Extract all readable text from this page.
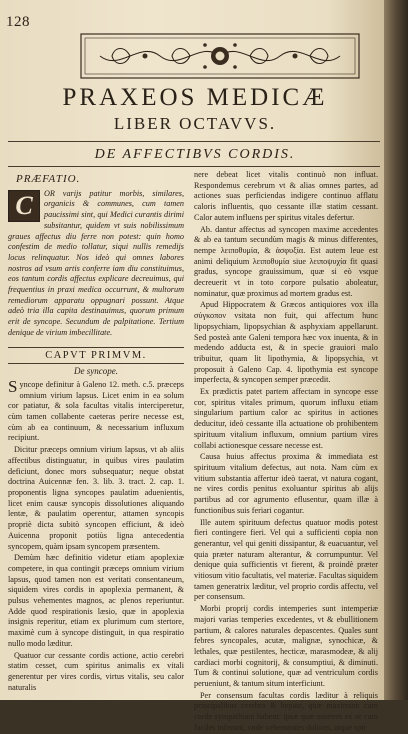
128
PRAXEOS MEDICÆ
LIBER OCTAVVS.
DE AFFECTIBVS CORDIS.
PRÆFATIO.

C	OR varijs patitur morbis, similares, organicis & communes, cum tamen paucissimi sint, qui Medici curantis dirimi subsitantur, quidem vt suis nobilissimum graues affectus diu ferre non potest: quin homo confestim de medio tollatur, siqui nullis remedijs locus relinquatur. Nos ideò qui omnes labores nostros ad vsum artis conferre iam diu constituimus, eos tantum cordis affectus explicare decreuimus, qui frequentius in praxi medica occurrunt, & multorum remediorum apparatu oppugnari possunt. Atque adeò tria illa capita destinauimus, quorum primum erit de syncope. Secundum de palpitatione. Tertium denique de virium imbecillitate.

CAPVT PRIMVM.
De syncope.

Syncope definitur à Galeno 12. meth. c.5. præceps omnium virium lapsus. Licet enim in ea solum cor patiatur, & sola facultas vitalis interciperetur, cùm tamen collabente caeteras perire necesse est, cùm ab ea continuum, & necessarium influxum recipiunt.

Dicitur præceps omnium virium lapsus, vt ab aliis affectibus distinguatur, in quibus vires paulatim deficiunt, donec mors subsequatur; neque obstat doctrina Auicennæ fen. 3. lib. 3. tract. 2. cap. 1. proponentis ligna syncopes paulatim aduenientis, licet enim causæ syncopis dissolutiones aliquando lentæ, & paulatim operentur, attamen syncopis propriè dicta subitò syncopen efficiunt, & ideò Auicenna proponit potiùs ligna antecedentia syncopem, quàm ipsam syncopem præsentem.

Demùm hæc definitio videtur etiam apoplexiæ competere, in qua contingit præceps omnium virium lapsus, quod tamen non est veritati consentaneum, siquidem vires cordis in apoplexia permanent, & pulsus vehementes magnos, ac plenos reperiuntur. Adde quod respirationis læsio, quæ in apoplexia insignis reperitur, etiam ex plurimum cum stertore, maximè cum à syncope distinguit, in qua respiratio nullo modo læditur.

Quatuor cur cessante cordis actione, actio cerebri statim cesset, cum spiritus animalis ex vitali generentur per vires cordis, virtus vitalis, seu calor naturalis

nere debeat licet vitalis continuò non influat. Respondemus cerebrum vt & alias omnes partes, ad actiones suas perficiendas indigere continuo afflatu caloris influentis, quo cessante illæ statim cessant. Calor autem influens per spiritus vitales defertur.

Ab. dantur affectus ad syncopen maxime accedentes & ab ea tantum secundùm magis & minus differentes, nempe λειποθυμία, & ἀσφυξία. Est autem leue est animi deliquium λειποθυμία siue λειποψυχία fit quasi gradus, syncope grauissimum, quæ si eò vsque decreuerit vt in toto corpore pulsatio aboleatur, nominatur, quæ proximus ad mortem gradus est.

Apud Hippocratem & Græcos antiquiores vox illa σύγκοπον vsitata non fuit, qui affectum hunc lipopsychiam, lipopsychian & asphyxiam appellarunt. Sed posteà ante Galeni tempora hæc vox inuenta, & in medendo adducta est, & in specie grauiori malo tribuitur, quam lit lipothymia, & lipopsychia, vt proposuit à Galeno Cap. 4. lipothymia est syncope imperfecta, & syncopen semper præcedit.

Ex prædictis patet partem affectam in syncope esse cor, spiritus vitales primum, quorum influxu etiam singularium partium calor ac spiritus in actiones deducitur, ideò cessante illa actuatione ob prohibentem spirituum vitalium influxum, omnium partium vires collabi actionesque cessare necesse est.

Causa huius affectus proxima & immediata est spirituum vitalium defectus, aut nota. Nam cùm ex vitium substantia affertur ideò taerat, vt natura cogant, ne vires cordis penitus exoluantur spiritus ab alijs partibus ad cor agrumento eflusentur, quam illæ à functionibus suis feriari cogantur.

Ille autem spirituum defectus quatuor modis potest fieri contingere fieri. Vel qui a sufficienti copia non generantur, vel qui geniti dissipantur, & euacuantur, vel quia præter naturam alterantur, & corrumpuntur. Vel denique quia sufficientis vt fierent, & proindè præter vitiosum vitio facultatis, vel materiæ. Facultas siquidem tamen generatrix læditur, vel proprio cordis affectu, vel per consensum.

Morbi proprij cordis intemperies sunt intemperiæ majori varias temperies excedentes, vt & ebullitionem partium, & calores naturales depascentes. Quales sunt febres syncopales, acutæ, malignæ, synochicæ, & lethales, quæ pestilentes, hecticæ, marasmodeæ, & alij cardiaci morbi cognitorij, & consumptiui, & diminuti. Tum & continui solutione, quæ ad ventriculum cordis perueniunt, & tantum situm interficiunt.

Per consensum facultas cordis læditur à reliquis principalibus cerebro & hepate, quæ maximum cum corde sympathiam habent: ipsæ quæ mortem ex se cum faciles inferunt, vnde vehementes dolores, atque spir
